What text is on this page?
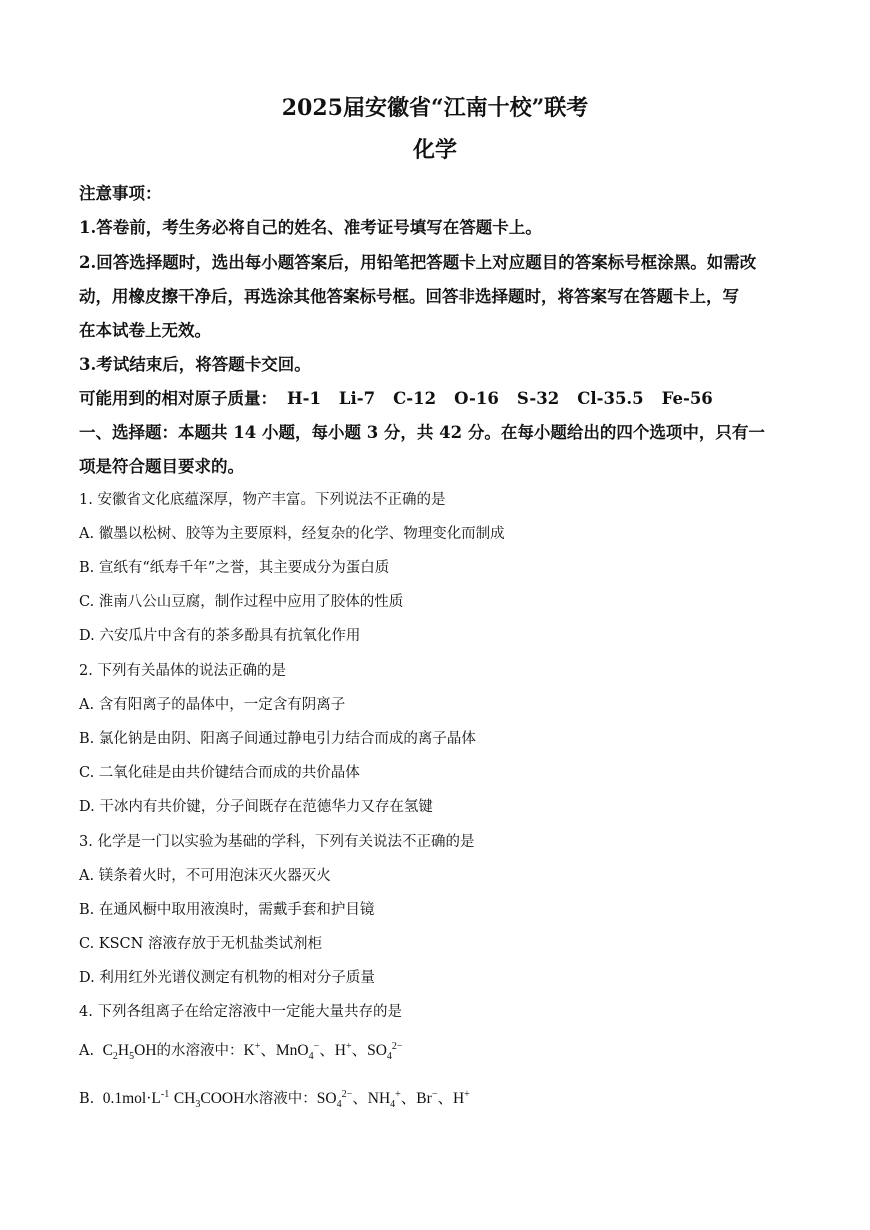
2025届安徽省“江南十校”联考
化学
注意事项：
1.答卷前，考生务必将自己的姓名、准考证号填写在答题卡上。
2.回答选择题时，选出每小题答案后，用铅笔把答题卡上对应题目的答案标号框涂黑。如需改
动，用橡皮擦干净后，再选涂其他答案标号框。回答非选择题时，将答案写在答题卡上，写
在本试卷上无效。
3.考试结束后，将答题卡交回。
可能用到的相对原子质量： H-1 Li-7 C-12 O-16 S-32 Cl-35.5 Fe-56
一、选择题：本题共 14 小题，每小题 3 分，共 42 分。在每小题给出的四个选项中，只有一
项是符合题目要求的。
1. 安徽省文化底蕴深厚，物产丰富。下列说法不正确的是
A. 徽墨以松树、胶等为主要原料，经复杂的化学、物理变化而制成
B. 宣纸有“纸寿千年”之誉，其主要成分为蛋白质
C. 淮南八公山豆腐，制作过程中应用了胶体的性质
D. 六安瓜片中含有的茶多酚具有抗氧化作用
2. 下列有关晶体的说法正确的是
A. 含有阳离子的晶体中，一定含有阴离子
B. 氯化钠是由阴、阳离子间通过静电引力结合而成的离子晶体
C. 二氧化硅是由共价键结合而成的共价晶体
D. 干冰内有共价键，分子间既存在范德华力又存在氢键
3. 化学是一门以实验为基础的学科，下列有关说法不正确的是
A. 镁条着火时，不可用泡沫灭火器灭火
B. 在通风橱中取用液溴时，需戴手套和护目镜
C. KSCN 溶液存放于无机盐类试剂柜
D. 利用红外光谱仪测定有机物的相对分子质量
4. 下列各组离子在给定溶液中一定能大量共存的是
A.  $C_2H_5OH$的水溶液中：K+、MnO$_4$−、H+、$SO_4^{2-}$
B. $0.1mol\cdot L^{-1}$ $CH_3COOH$水溶液中：$SO_4^{2-}$、$NH_4^+$、Br−、H+
